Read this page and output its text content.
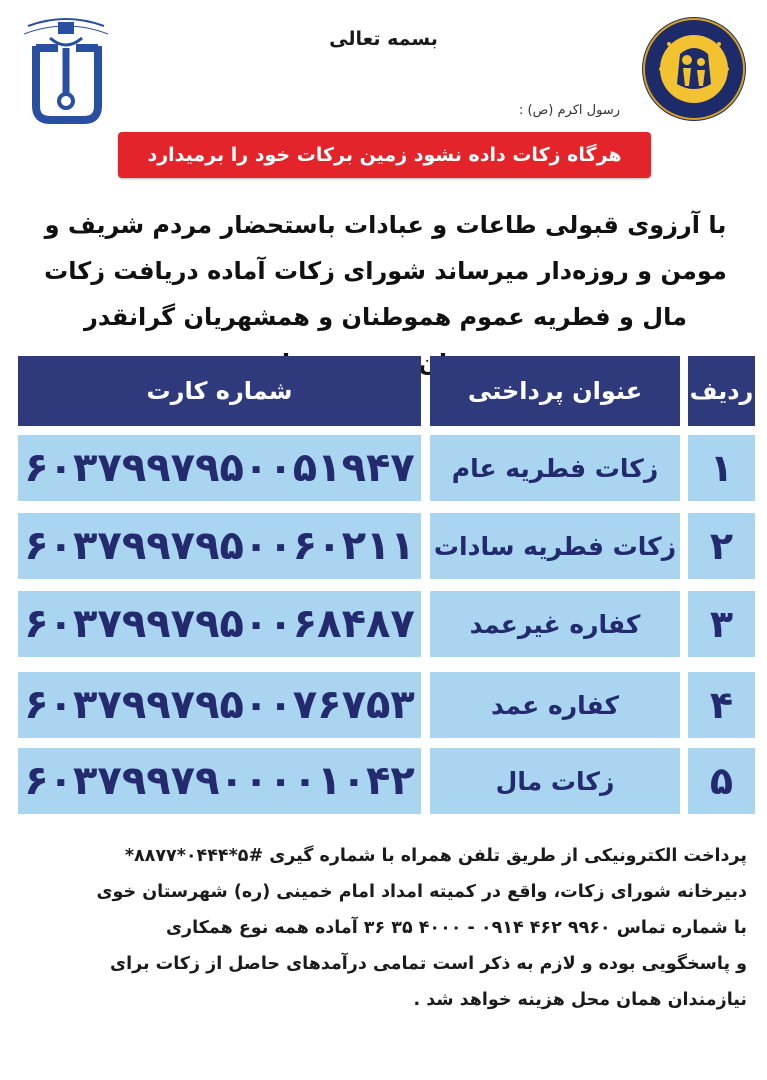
بسمه تعالی
رسول اکرم (ص) :
هرگاه زکات داده نشود زمین برکات خود را برمیدارد
با آرزوی قبولی طاعات و عبادات باستحضار مردم شریف و مومن و روزه‌دار میرساند شورای زکات آماده دریافت زکات مال و فطریه عموم هموطنان و همشهریان گرانقدر
ردیف
عنوان پرداختی
شماره کارت
۱
زکات فطریه عام
۶۰۳۷۹۹۷۹۵۰۰۵۱۹۴۷
۲
زکات فطریه سادات
۶۰۳۷۹۹۷۹۵۰۰۶۰۲۱۱
۳
کفاره غیرعمد
۶۰۳۷۹۹۷۹۵۰۰۶۸۴۸۷
۴
کفاره عمد
۶۰۳۷۹۹۷۹۵۰۰۷۶۷۵۳
۵
زکات مال
۶۰۳۷۹۹۷۹۰۰۰۰۱۰۴۲

پرداخت الکترونیکی از طریق تلفن همراه با شماره گیری #۵*۰۴۴۴*۸۸۷۷*

دبیرخانه شورای زکات، واقع در کمیته امداد امام خمینی (ره) شهرستان خوی

با شماره تماس ۹۹۶۰ ۴۶۲ ۰۹۱۴ - ۴۰۰۰ ۳۵ ۳۶ آماده همه نوع همکاری

و پاسخگویی بوده و لازم به ذکر است تمامی درآمدهای حاصل از زکات برای

نیازمندان همان محل هزینه خواهد شد .
